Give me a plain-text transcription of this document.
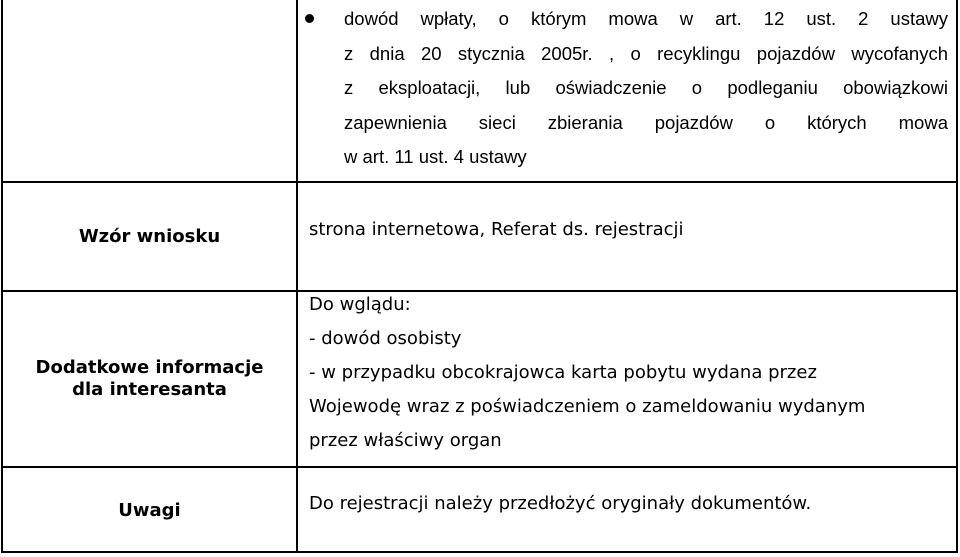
dowód wpłaty, o którym mowa w art. 12 ust. 2 ustawy
z dnia 20 stycznia 2005r. , o recyklingu pojazdów wycofanych
z eksploatacji, lub oświadczenie o podleganiu obowiązkowi
zapewnienia sieci zbierania pojazdów o których mowa
w art. 11 ust. 4 ustawy
Wzór wniosku	strona internetowa, Referat ds. rejestracji
Dodatkowe informacje
dla interesanta
Do wglądu:
- dowód osobisty
- w przypadku obcokrajowca karta pobytu wydana przez
Wojewodę wraz z poświadczeniem o zameldowaniu wydanym
przez właściwy organ
Uwagi	Do rejestracji należy przedłożyć oryginały dokumentów.
